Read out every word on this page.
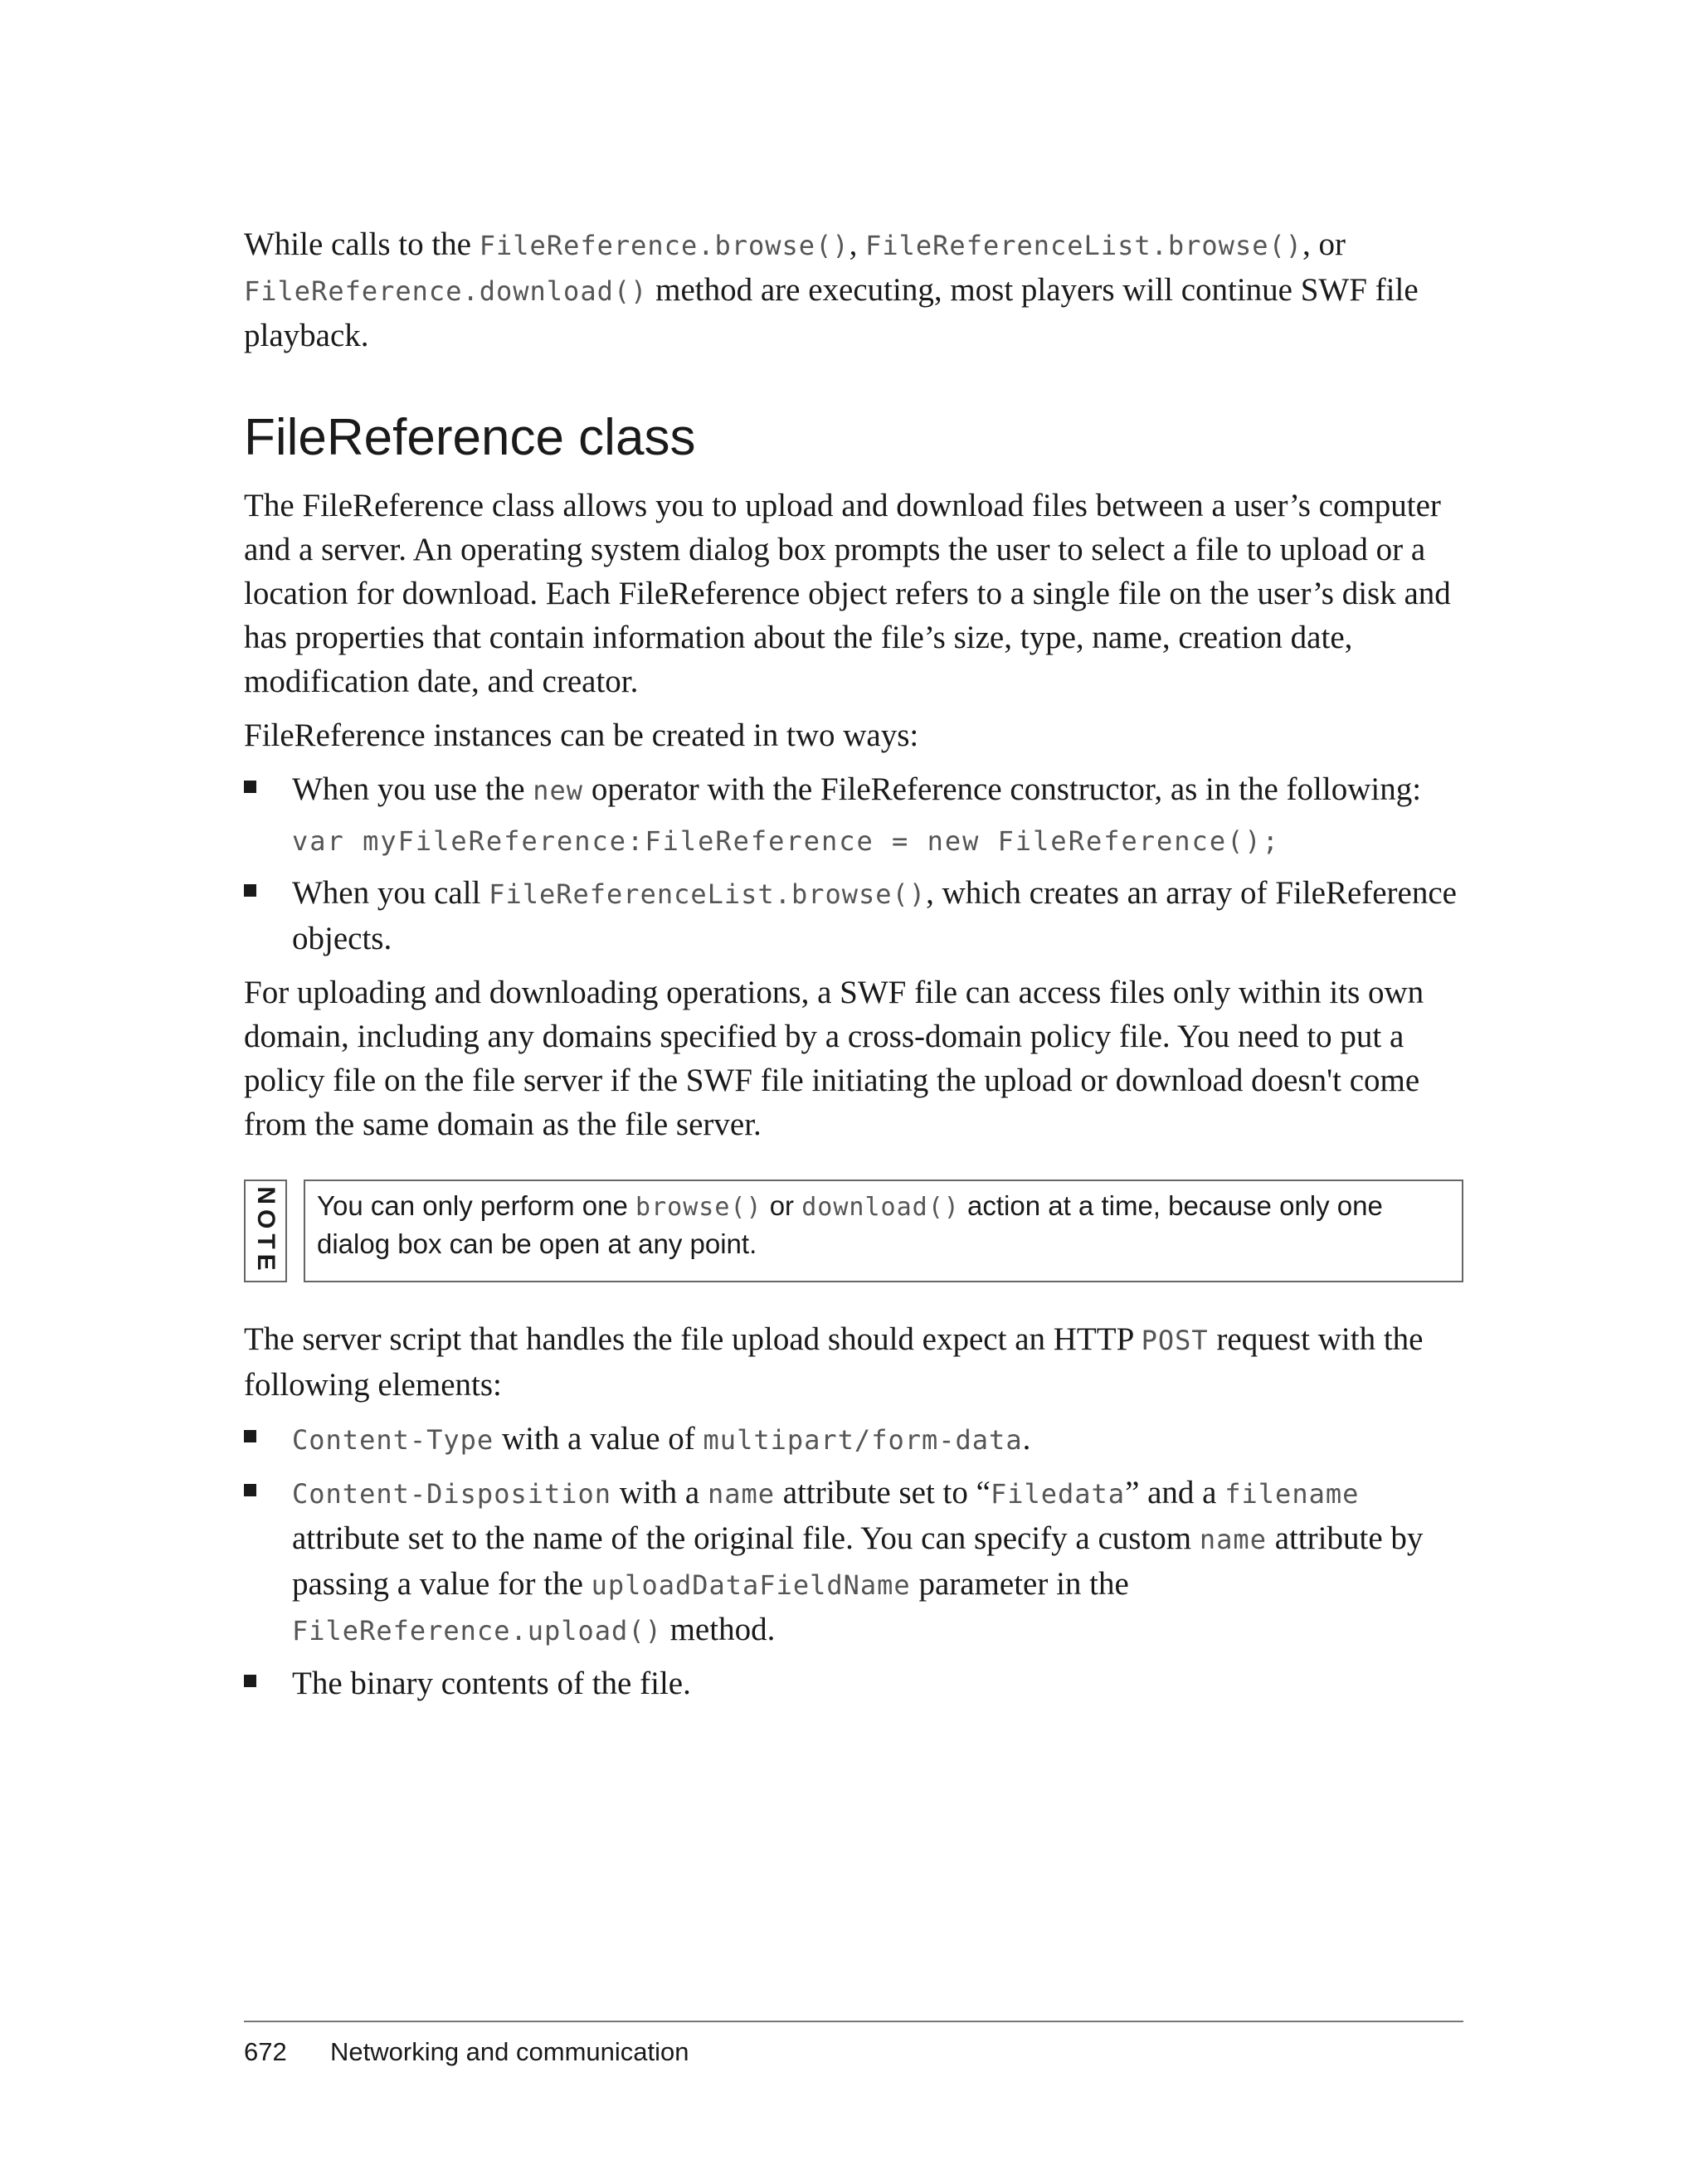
While calls to the FileReference.browse(), FileReferenceList.browse(), or FileReference.download() method are executing, most players will continue SWF file playback.

FileReference class

The FileReference class allows you to upload and download files between a user’s computer and a server. An operating system dialog box prompts the user to select a file to upload or a location for download. Each FileReference object refers to a single file on the user’s disk and has properties that contain information about the file’s size, type, name, creation date, modification date, and creator.

FileReference instances can be created in two ways:

When you use the new operator with the FileReference constructor, as in the following:
var myFileReference:FileReference = new FileReference();
When you call FileReferenceList.browse(), which creates an array of FileReference objects.

For uploading and downloading operations, a SWF file can access files only within its own domain, including any domains specified by a cross-domain policy file. You need to put a policy file on the file server if the SWF file initiating the upload or download doesn't come from the same domain as the file server.

NOTE	You can only perform one browse() or download() action at a time, because only one dialog box can be open at any point.

The server script that handles the file upload should expect an HTTP POST request with the following elements:

Content-Type with a value of multipart/form-data.
Content-Disposition with a name attribute set to “Filedata” and a filename attribute set to the name of the original file. You can specify a custom name attribute by passing a value for the uploadDataFieldName parameter in the FileReference.upload() method.
The binary contents of the file.
672 Networking and communication
